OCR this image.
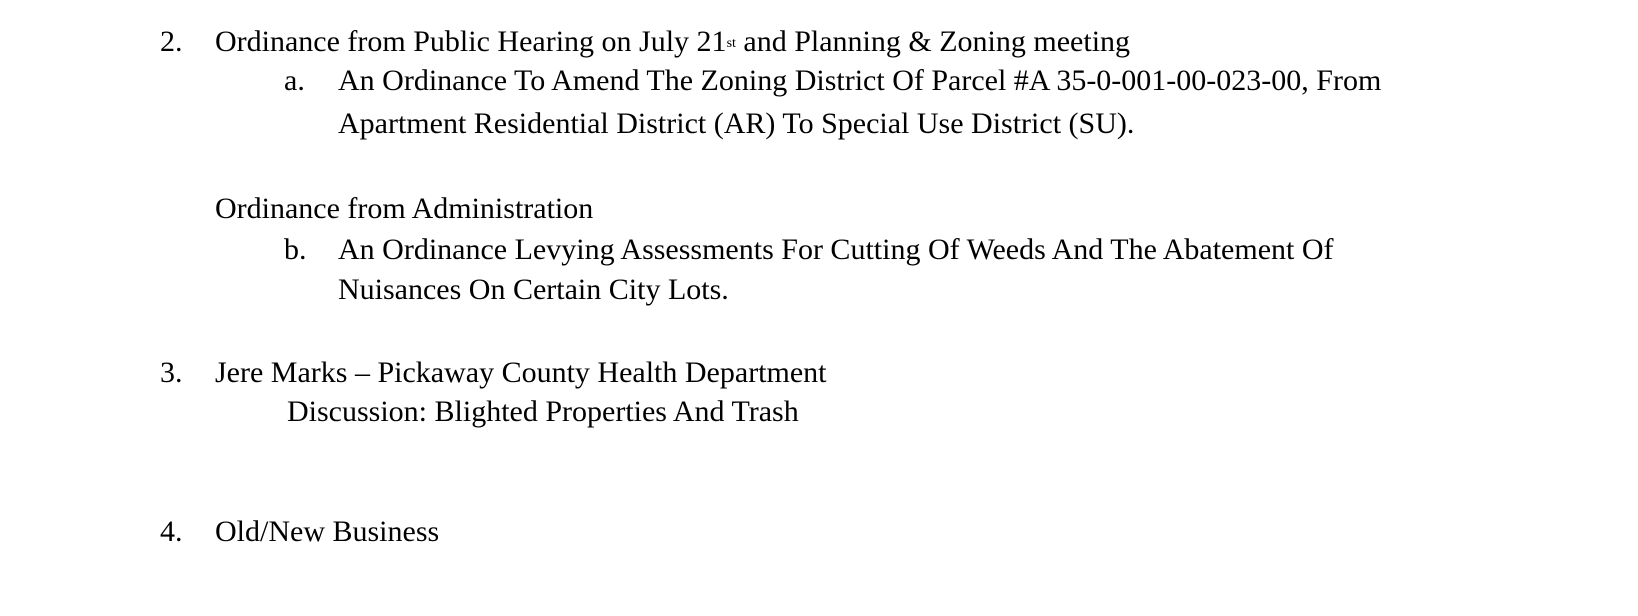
2. Ordinance from Public Hearing on July 21st and Planning & Zoning meeting
a. An Ordinance To Amend The Zoning District Of Parcel #A 35-0-001-00-023-00, From
Apartment Residential District (AR) To Special Use District (SU).
Ordinance from Administration
b. An Ordinance Levying Assessments For Cutting Of Weeds And The Abatement Of
Nuisances On Certain City Lots.
3. Jere Marks – Pickaway County Health Department
Discussion: Blighted Properties And Trash
4. Old/New Business
